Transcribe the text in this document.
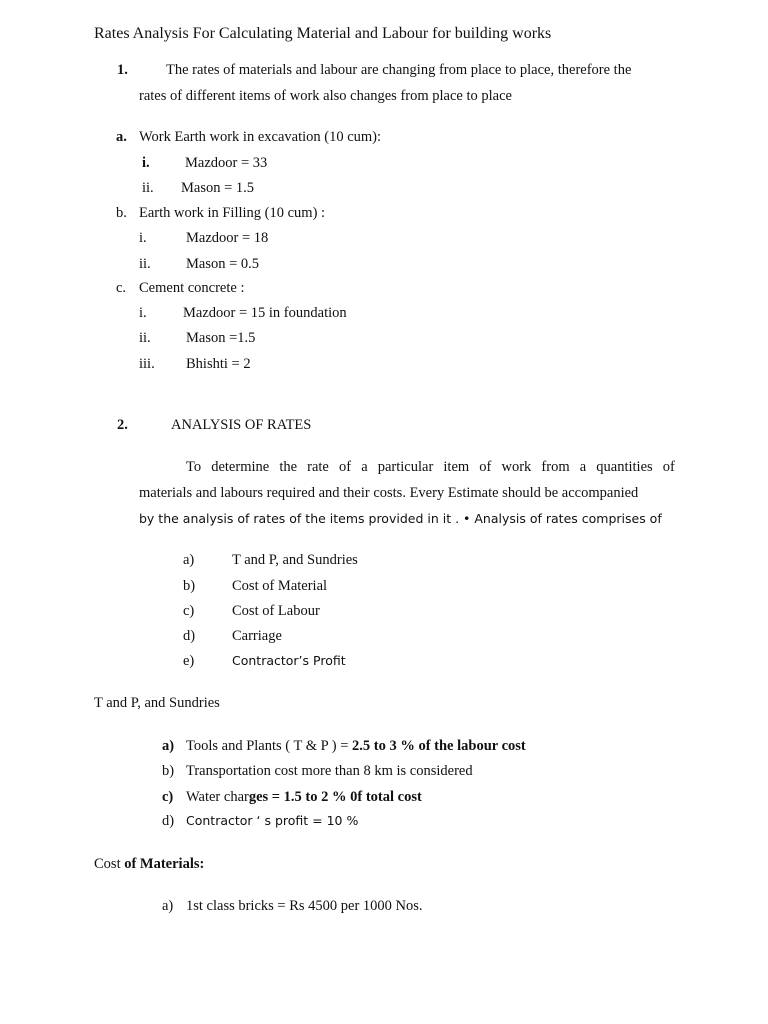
Rates Analysis For Calculating Material and Labour for building works
1.	The rates of materials and labour are changing from place to place, therefore the
rates of different items of work also changes from place to place
a. Work Earth work in excavation (10 cum):
i. Mazdoor = 33
ii. Mason = 1.5
b. Earth work in Filling (10 cum) :
i.	Mazdoor = 18
ii. Mason = 0.5
c. Cement concrete :
i.	Mazdoor = 15 in foundation
ii. Mason =1.5
iii. Bhishti = 2
2.	ANALYSIS OF RATES
To determine the rate of a particular item of work from a quantities of
materials and labours required and their costs. Every Estimate should be accompanied
by the analysis of rates of the items provided in it . • Analysis of rates comprises of
a)	T and P, and Sundries
b)	Cost of Material
c)	Cost of Labour
d)	Carriage
e)	Contractor’s Profit
T and P, and Sundries
a) Tools and Plants ( T & P ) = 2.5 to 3 % of the labour cost
b) Transportation cost more than 8 km is considered
c) Water charges = 1.5 to 2 % 0f total cost
d) Contractor ‘ s profit = 10 %
Cost of Materials:
a) 1st class bricks = Rs 4500 per 1000 Nos.
